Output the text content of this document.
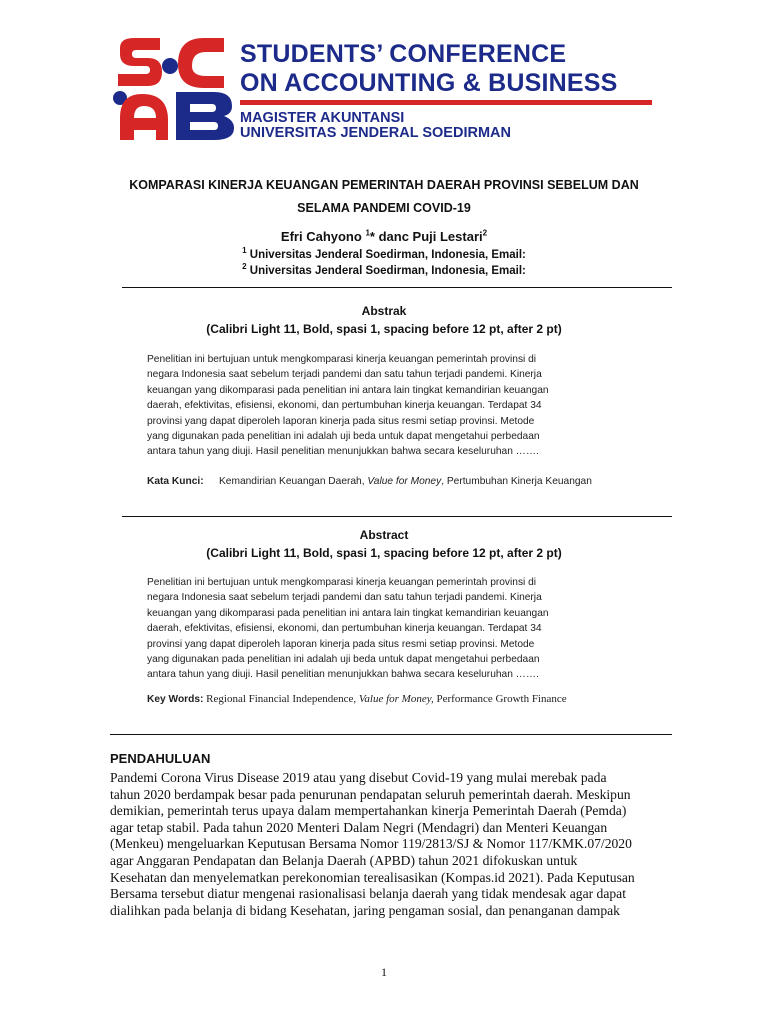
STUDENTS’ CONFERENCE
ON ACCOUNTING & BUSINESS
MAGISTER AKUNTANSI
UNIVERSITAS JENDERAL SOEDIRMAN
KOMPARASI KINERJA KEUANGAN PEMERINTAH DAERAH PROVINSI SEBELUM DAN
SELAMA PANDEMI COVID-19
Efri Cahyono $^1$* danc Puji Lestari$^2$
$^1$ Universitas Jenderal Soedirman, Indonesia, Email:
$^2$ Universitas Jenderal Soedirman, Indonesia, Email:
Abstrak
(Calibri Light 11, Bold, spasi 1, spacing before 12 pt, after 2 pt)
Penelitian ini bertujuan untuk mengkomparasi kinerja keuangan pemerintah provinsi di
negara Indonesia saat sebelum terjadi pandemi dan satu tahun terjadi pandemi. Kinerja
keuangan yang dikomparasi pada penelitian ini antara lain tingkat kemandirian keuangan
daerah, efektivitas, efisiensi, ekonomi, dan pertumbuhan kinerja keuangan. Terdapat 34
provinsi yang dapat diperoleh laporan kinerja pada situs resmi setiap provinsi. Metode
yang digunakan pada penelitian ini adalah uji beda untuk dapat mengetahui perbedaan
antara tahun yang diuji. Hasil penelitian menunjukkan bahwa secara keseluruhan …….
Kata Kunci:	Kemandirian Keuangan Daerah, Value for Money, Pertumbuhan Kinerja Keuangan
Abstract
(Calibri Light 11, Bold, spasi 1, spacing before 12 pt, after 2 pt)
Penelitian ini bertujuan untuk mengkomparasi kinerja keuangan pemerintah provinsi di
negara Indonesia saat sebelum terjadi pandemi dan satu tahun terjadi pandemi. Kinerja
keuangan yang dikomparasi pada penelitian ini antara lain tingkat kemandirian keuangan
daerah, efektivitas, efisiensi, ekonomi, dan pertumbuhan kinerja keuangan. Terdapat 34
provinsi yang dapat diperoleh laporan kinerja pada situs resmi setiap provinsi. Metode
yang digunakan pada penelitian ini adalah uji beda untuk dapat mengetahui perbedaan
antara tahun yang diuji. Hasil penelitian menunjukkan bahwa secara keseluruhan …….
Key Words: Regional Financial Independence, Value for Money, Performance Growth Finance
PENDAHULUAN
Pandemi Corona Virus Disease 2019 atau yang disebut Covid-19 yang mulai merebak pada
tahun 2020 berdampak besar pada penurunan pendapatan seluruh pemerintah daerah. Meskipun
demikian, pemerintah terus upaya dalam mempertahankan kinerja Pemerintah Daerah (Pemda)
agar tetap stabil. Pada tahun 2020 Menteri Dalam Negri (Mendagri) dan Menteri Keuangan
(Menkeu) mengeluarkan Keputusan Bersama Nomor 119/2813/SJ & Nomor 117/KMK.07/2020
agar Anggaran Pendapatan dan Belanja Daerah (APBD) tahun 2021 difokuskan untuk
Kesehatan dan menyelematkan perekonomian terealisasikan (Kompas.id 2021). Pada Keputusan
Bersama tersebut diatur mengenai rasionalisasi belanja daerah yang tidak mendesak agar dapat
dialihkan pada belanja di bidang Kesehatan, jaring pengaman sosial, dan penanganan dampak
1
